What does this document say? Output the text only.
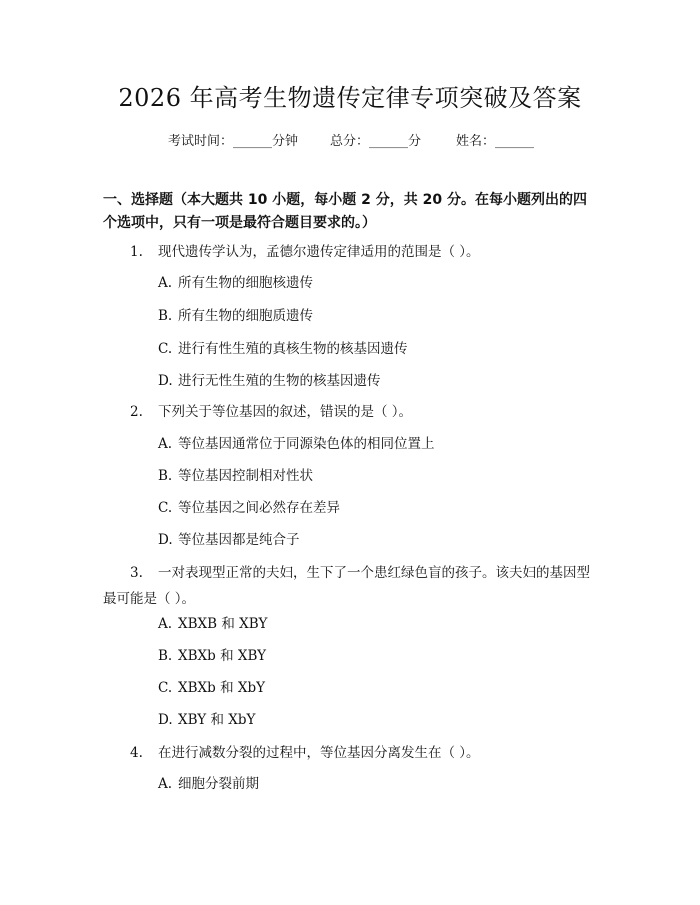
2026 年高考生物遗传定律专项突破及答案
考试时间：______分钟 总分：______分	姓名：______
一、选择题（本大题共 10 小题，每小题 2 分，共 20 分。在每小题列出的四个选项中，只有一项是最符合题目要求的。）
1.	现代遗传学认为，孟德尔遗传定律适用的范围是（ ）。
A. 所有生物的细胞核遗传
B. 所有生物的细胞质遗传
C. 进行有性生殖的真核生物的核基因遗传
D. 进行无性生殖的生物的核基因遗传
2.	下列关于等位基因的叙述，错误的是（ ）。
A. 等位基因通常位于同源染色体的相同位置上
B. 等位基因控制相对性状
C. 等位基因之间必然存在差异
D. 等位基因都是纯合子
3.	一对表现型正常的夫妇，生下了一个患红绿色盲的孩子。该夫妇的基因型
最可能是（ ）。
A. XBXB 和 XBY
B. XBXb 和 XBY
C. XBXb 和 XbY
D. XBY 和 XbY
4.	在进行减数分裂的过程中，等位基因分离发生在（ ）。
A. 细胞分裂前期
